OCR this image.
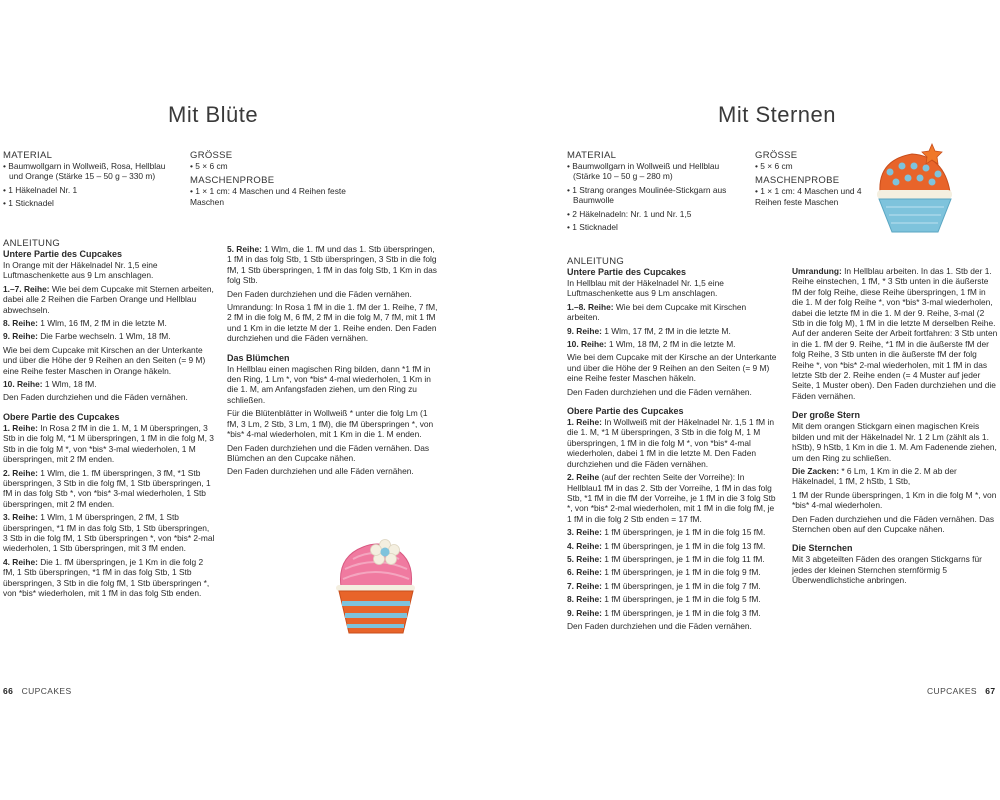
Mit Blüte
MATERIAL
• Baumwollgarn in Wollweiß, Rosa, Hellblau und Orange (Stärke 15 – 50 g – 330 m)
• 1 Häkelnadel Nr. 1
• 1 Sticknadel
GRÖSSE

• 5 × 6 cm

MASCHENPROBE

• 1 × 1 cm: 4 Maschen und 4 Reihen feste Maschen

ANLEITUNG
Untere Partie des Cupcakes

In Orange mit der Häkelnadel Nr. 1,5 eine Luftmaschenkette aus 9 Lm anschlagen.

1.–7. Reihe: Wie bei dem Cupcake mit Sternen arbeiten, dabei alle 2 Reihen die Farben Orange und Hellblau abwechseln.

8. Reihe: 1 Wlm, 16 fM, 2 fM in die letzte M.

9. Reihe: Die Farbe wechseln. 1 Wlm, 18 fM.

Wie bei dem Cupcake mit Kirschen an der Unterkante und über die Höhe der 9 Reihen an den Seiten (= 9 M) eine Reihe fester Maschen in Orange häkeln.

10. Reihe: 1 Wlm, 18 fM.

Den Faden durchziehen und die Fäden vernähen.

Obere Partie des Cupcakes

1. Reihe: In Rosa 2 fM in die 1. M, 1 M überspringen, 3 Stb in die folg M, *1 M überspringen, 1 fM in die folg M, 3 Stb in die folg M *, von *bis* 3-mal wiederholen, 1 M überspringen, mit 2 fM enden.

2. Reihe: 1 Wlm, die 1. fM überspringen, 3 fM, *1 Stb überspringen, 3 Stb in die folg fM, 1 Stb überspringen, 1 fM in das folg Stb *, von *bis* 3-mal wiederholen, 1 Stb überspringen, mit 2 fM enden.

3. Reihe: 1 Wlm, 1 M überspringen, 2 fM, 1 Stb überspringen, *1 fM in das folg Stb, 1 Stb überspringen, 3 Stb in die folg fM, 1 Stb überspringen *, von *bis* 2-mal wiederholen, 1 Stb überspringen, mit 3 fM enden.

4. Reihe: Die 1. fM überspringen, je 1 Km in die folg 2 fM, 1 Stb überspringen, *1 fM in das folg Stb, 1 Stb überspringen, 3 Stb in die folg fM, 1 Stb überspringen *, von *bis* wiederholen, mit 1 fM in das folg Stb enden.

5. Reihe: 1 Wlm, die 1. fM und das 1. Stb überspringen, 1 fM in das folg Stb, 1 Stb überspringen, 3 Stb in die folg fM, 1 Stb überspringen, 1 fM in das folg Stb, 1 Km in das folg Stb.

Den Faden durchziehen und die Fäden vernähen.

Umrandung: In Rosa 1 fM in die 1. fM der 1. Reihe, 7 fM, 2 fM in die folg M, 6 fM, 2 fM in die folg M, 7 fM, mit 1 fM und 1 Km in die letzte M der 1. Reihe enden. Den Faden durchziehen und die Fäden vernähen.

Das Blümchen

In Hellblau einen magischen Ring bilden, dann *1 fM in den Ring, 1 Lm *, von *bis* 4-mal wiederholen, 1 Km in die 1. M, am Anfangsfaden ziehen, um den Ring zu schließen.

Für die Blütenblätter in Wollweiß * unter die folg Lm (1 fM, 3 Lm, 2 Stb, 3 Lm, 1 fM), die fM überspringen *, von *bis* 4-mal wiederholen, mit 1 Km in die 1. M enden.

Den Faden durchziehen und die Fäden vernähen. Das Blümchen an den Cupcake nähen.

Den Faden durchziehen und alle Fäden vernähen.

66 CUPCAKES
Mit Sternen
MATERIAL
• Baumwollgarn in Wollweiß und Hellblau (Stärke 10 – 50 g – 280 m)
• 1 Strang oranges Moulinée-Stickgarn aus Baumwolle
• 2 Häkelnadeln: Nr. 1 und Nr. 1,5
• 1 Sticknadel
GRÖSSE

• 5 × 6 cm

MASCHENPROBE

• 1 × 1 cm: 4 Maschen und 4 Reihen feste Maschen

ANLEITUNG
Untere Partie des Cupcakes

In Hellblau mit der Häkelnadel Nr. 1,5 eine Luftmaschenkette aus 9 Lm anschlagen.

1.–8. Reihe: Wie bei dem Cupcake mit Kirschen arbeiten.

9. Reihe: 1 Wlm, 17 fM, 2 fM in die letzte M.

10. Reihe: 1 Wlm, 18 fM, 2 fM in die letzte M.

Wie bei dem Cupcake mit der Kirsche an der Unterkante und über die Höhe der 9 Reihen an den Seiten (= 9 M) eine Reihe fester Maschen häkeln.

Den Faden durchziehen und die Fäden vernähen.

Obere Partie des Cupcakes

1. Reihe: In Wollweiß mit der Häkelnadel Nr. 1,5 1 fM in die 1. M, *1 M überspringen, 3 Stb in die folg M, 1 M überspringen, 1 fM in die folg M *, von *bis* 4-mal wiederholen, dabei 1 fM in die letzte M. Den Faden durchziehen und die Fäden vernähen.

2. Reihe (auf der rechten Seite der Vorreihe): In Hellblau1 fM in das 2. Stb der Vorreihe, 1 fM in das folg Stb, *1 fM in die fM der Vorreihe, je 1 fM in die 3 folg Stb *, von *bis* 2-mal wiederholen, mit 1 fM in die folg fM, je 1 fM in die folg 2 Stb enden = 17 fM.

3. Reihe: 1 fM überspringen, je 1 fM in die folg 15 fM.

4. Reihe: 1 fM überspringen, je 1 fM in die folg 13 fM.

5. Reihe: 1 fM überspringen, je 1 fM in die folg 11 fM.

6. Reihe: 1 fM überspringen, je 1 fM in die folg 9 fM.

7. Reihe: 1 fM überspringen, je 1 fM in die folg 7 fM.

8. Reihe: 1 fM überspringen, je 1 fM in die folg 5 fM.

9. Reihe: 1 fM überspringen, je 1 fM in die folg 3 fM.

Den Faden durchziehen und die Fäden vernähen.

Umrandung: In Hellblau arbeiten. In das 1. Stb der 1. Reihe einstechen, 1 fM, * 3 Stb unten in die äußerste fM der folg Reihe, diese Reihe überspringen, 1 fM in die 1. M der folg Reihe *, von *bis* 3-mal wiederholen, dabei die letzte fM in die 1. M der 9. Reihe, 3-mal (2 Stb in die folg M), 1 fM in die letzte M derselben Reihe. Auf der anderen Seite der Arbeit fortfahren: 3 Stb unten in die 1. fM der 9. Reihe, *1 fM in die äußerste fM der folg Reihe, 3 Stb unten in die äußerste fM der folg Reihe *, von *bis* 2-mal wiederholen, mit 1 fM in das letzte Stb der 2. Reihe enden (= 4 Muster auf jeder Seite, 1 Muster oben). Den Faden durchziehen und die Fäden vernähen.

Der große Stern

Mit dem orangen Stickgarn einen magischen Kreis bilden und mit der Häkelnadel Nr. 1 2 Lm (zählt als 1. hStb), 9 hStb, 1 Km in die 1. M. Am Fadenende ziehen, um den Ring zu schließen.

Die Zacken: * 6 Lm, 1 Km in die 2. M ab der Häkelnadel, 1 fM, 2 hStb, 1 Stb,

1 fM der Runde überspringen, 1 Km in die folg M *, von *bis* 4-mal wiederholen.

Den Faden durchziehen und die Fäden vernähen. Das Sternchen oben auf den Cupcake nähen.

Die Sternchen

Mit 3 abgeteilten Fäden des orangen Stickgarns für jedes der kleinen Sternchen sternförmig 5 Überwendlichstiche anbringen.

CUPCAKES 67
